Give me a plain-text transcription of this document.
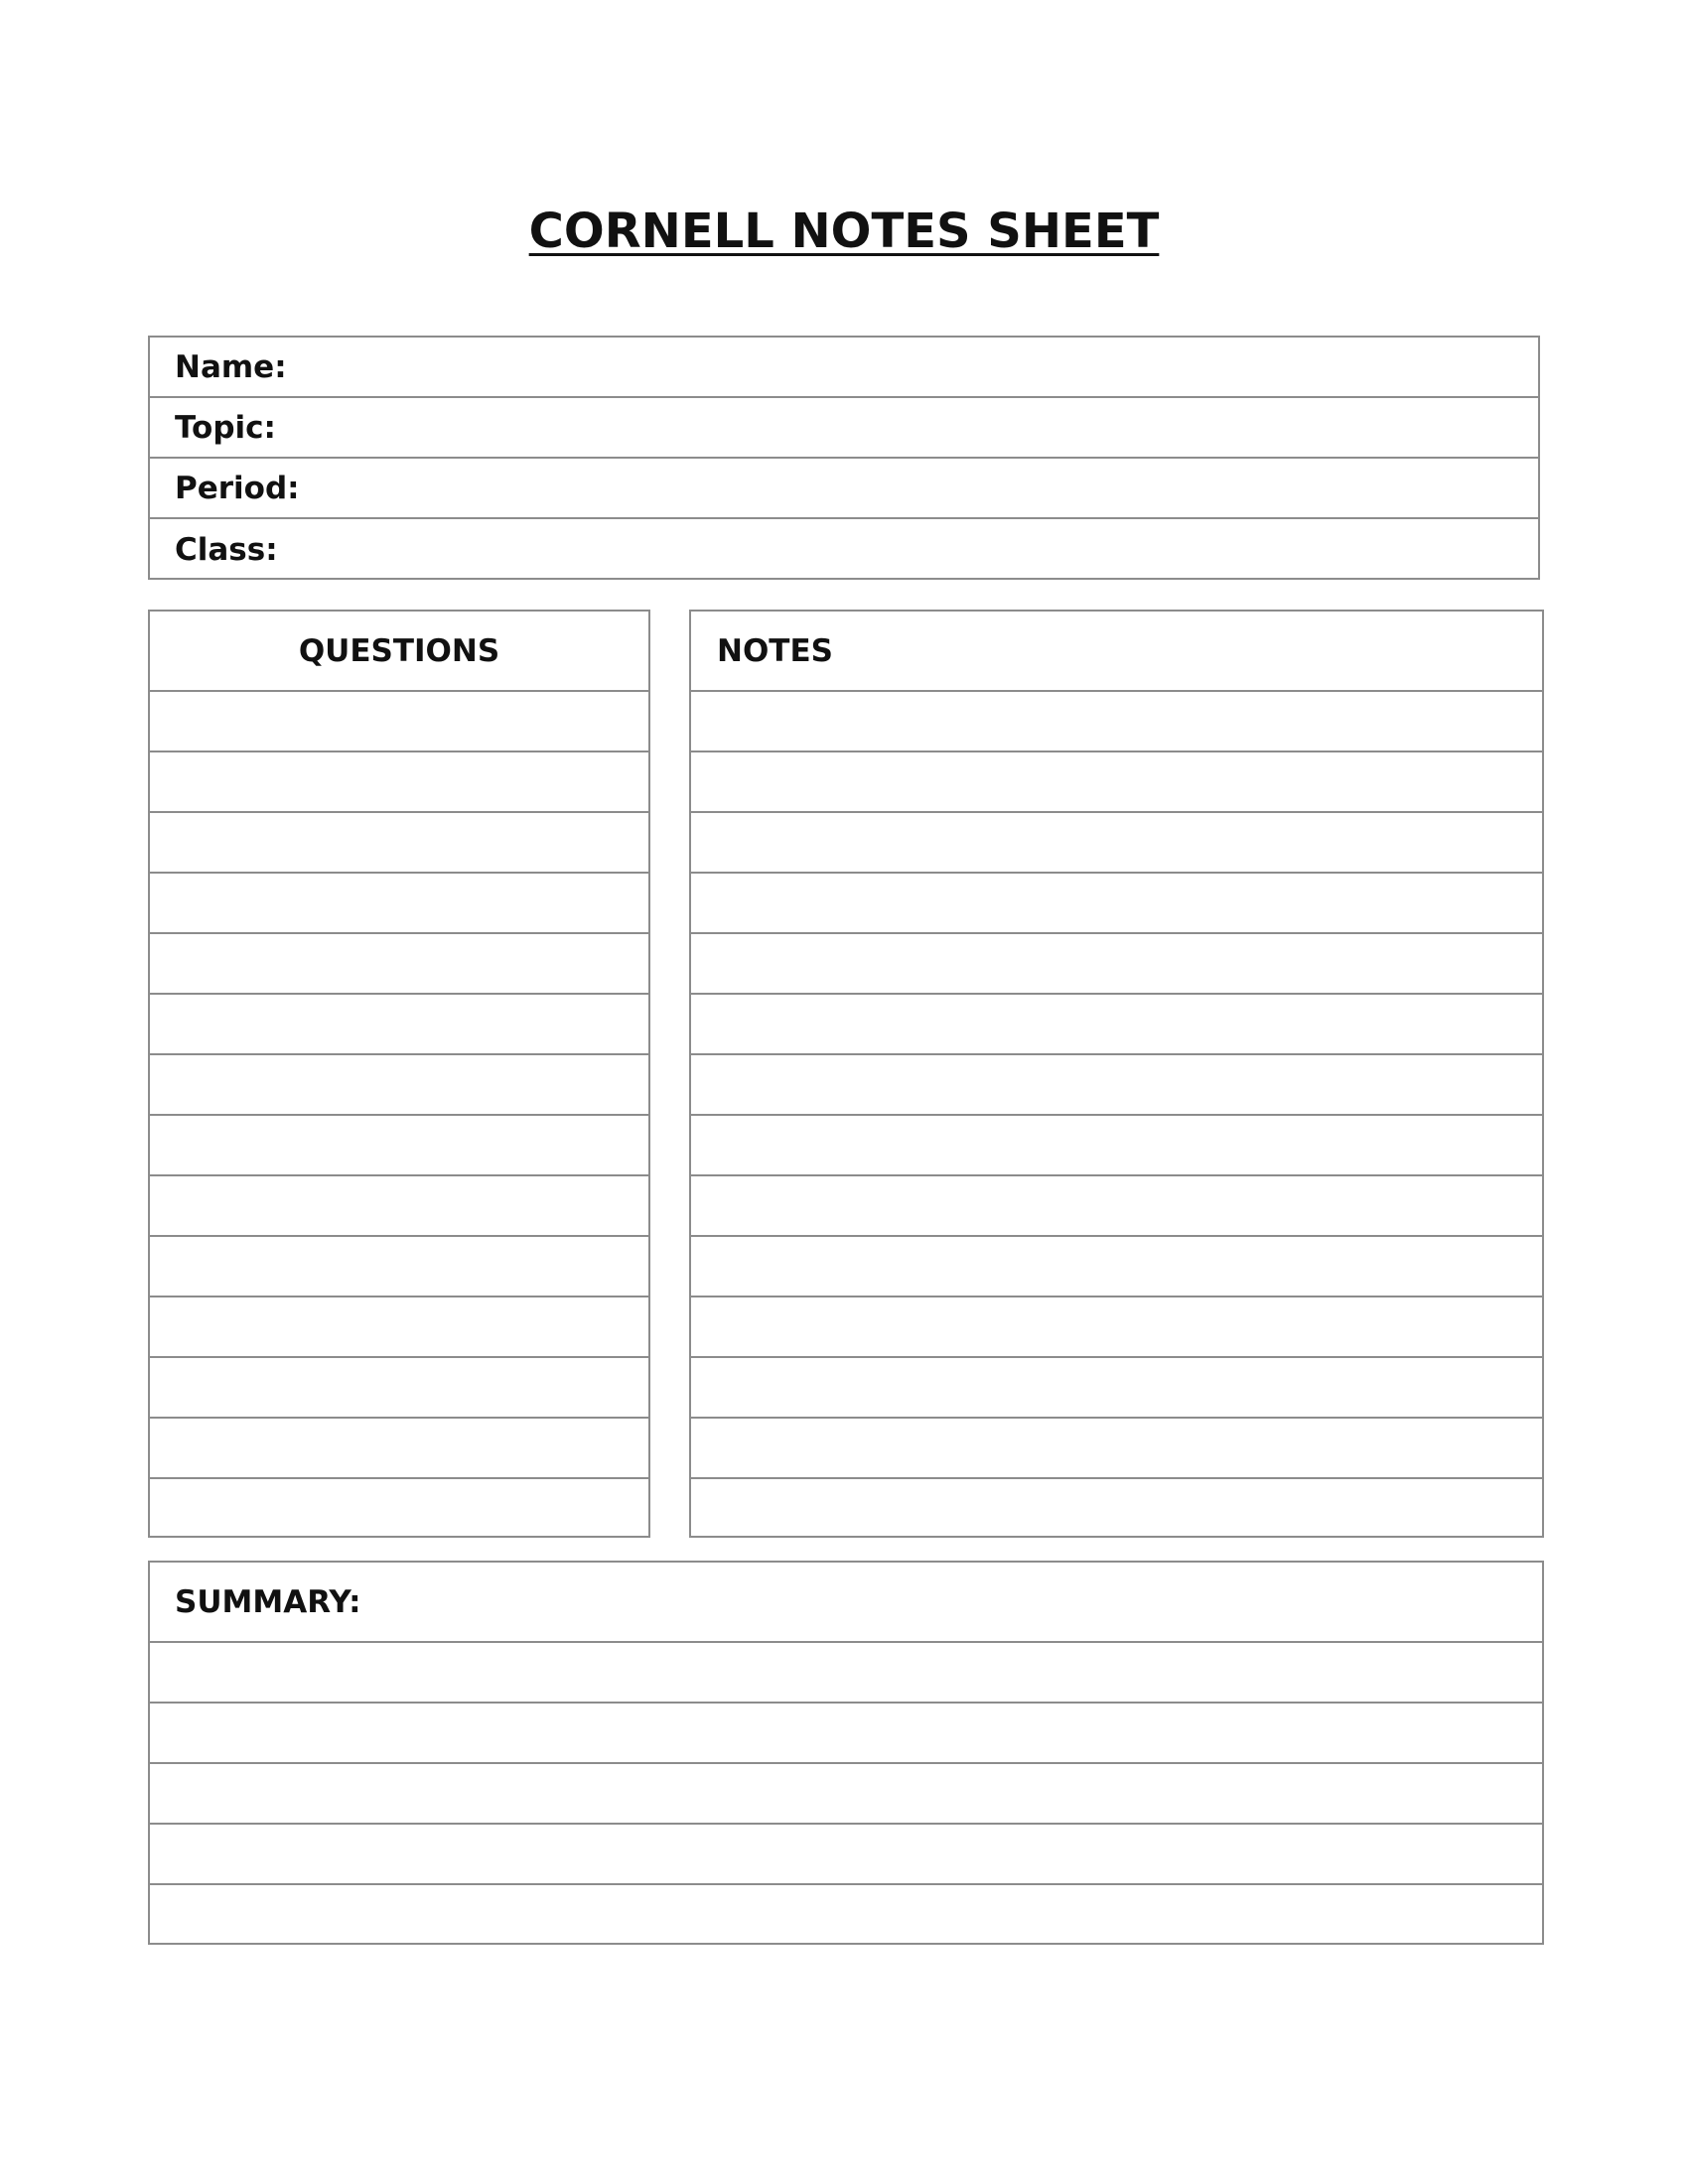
CORNELL NOTES SHEET
Name:
Topic:
Period:
Class:
QUESTIONS	NOTES
SUMMARY:
